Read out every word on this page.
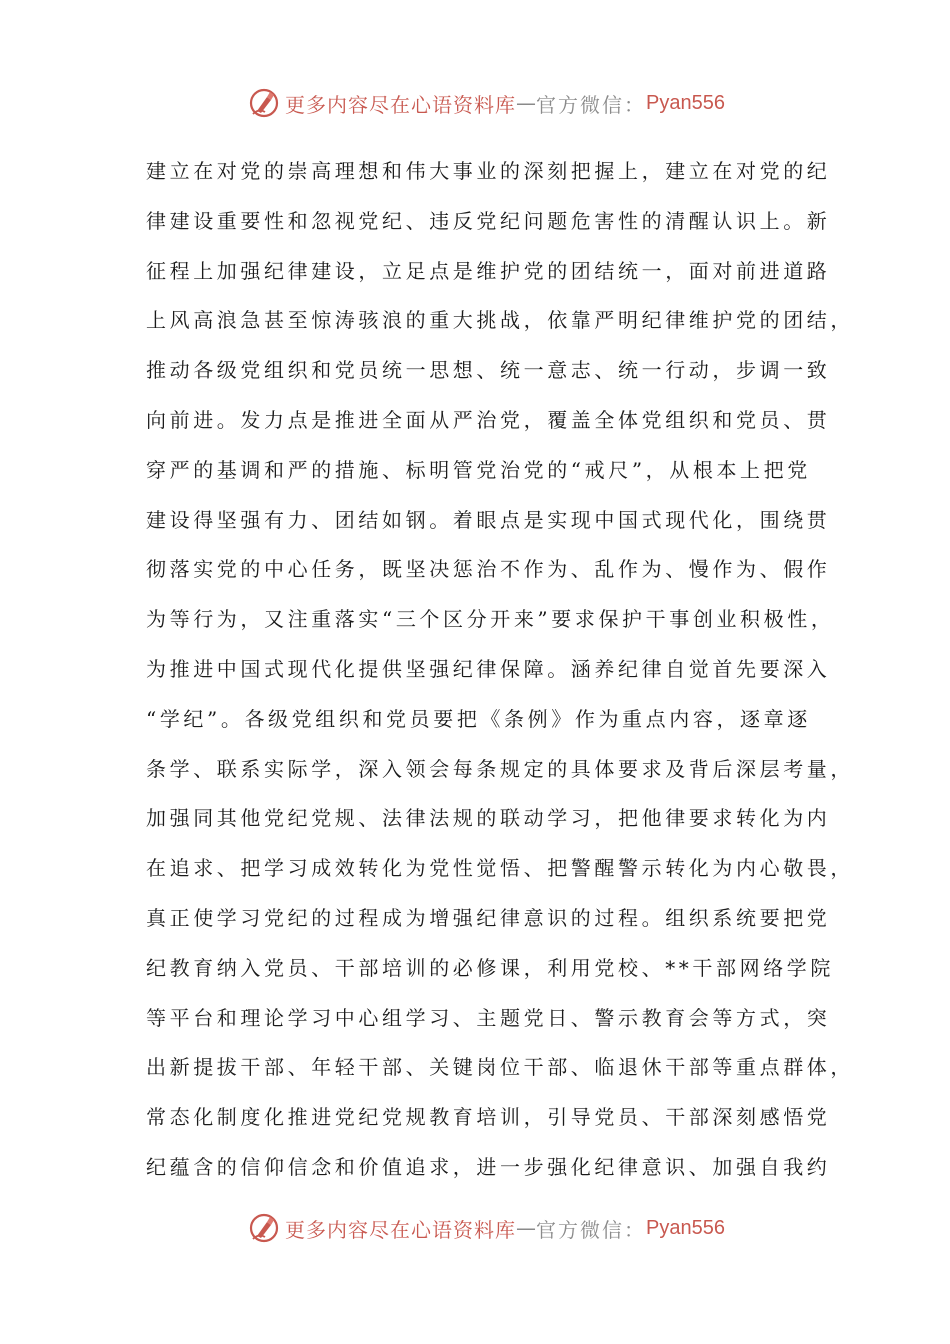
更多内容尽在心语资料库 — 官方微信： Pyan556
建立在对党的崇高理想和伟大事业的深刻把握上，建立在对党的纪
律建设重要性和忽视党纪、违反党纪问题危害性的清醒认识上。新
征程上加强纪律建设，立足点是维护党的团结统一，面对前进道路
上风高浪急甚至惊涛骇浪的重大挑战，依靠严明纪律维护党的团结，
推动各级党组织和党员统一思想、统一意志、统一行动，步调一致
向前进。发力点是推进全面从严治党，覆盖全体党组织和党员、贯
穿严的基调和严的措施、标明管党治党的“戒尺”，从根本上把党
建设得坚强有力、团结如钢。着眼点是实现中国式现代化，围绕贯
彻落实党的中心任务，既坚决惩治不作为、乱作为、慢作为、假作
为等行为，又注重落实“三个区分开来”要求保护干事创业积极性，
为推进中国式现代化提供坚强纪律保障。涵养纪律自觉首先要深入
“学纪”。各级党组织和党员要把《条例》作为重点内容，逐章逐
条学、联系实际学，深入领会每条规定的具体要求及背后深层考量，
加强同其他党纪党规、法律法规的联动学习，把他律要求转化为内
在追求、把学习成效转化为党性觉悟、把警醒警示转化为内心敬畏，
真正使学习党纪的过程成为增强纪律意识的过程。组织系统要把党
纪教育纳入党员、干部培训的必修课，利用党校、**干部网络学院
等平台和理论学习中心组学习、主题党日、警示教育会等方式，突
出新提拔干部、年轻干部、关键岗位干部、临退休干部等重点群体，
常态化制度化推进党纪党规教育培训，引导党员、干部深刻感悟党
纪蕴含的信仰信念和价值追求，进一步强化纪律意识、加强自我约
更多内容尽在心语资料库 — 官方微信： Pyan556
